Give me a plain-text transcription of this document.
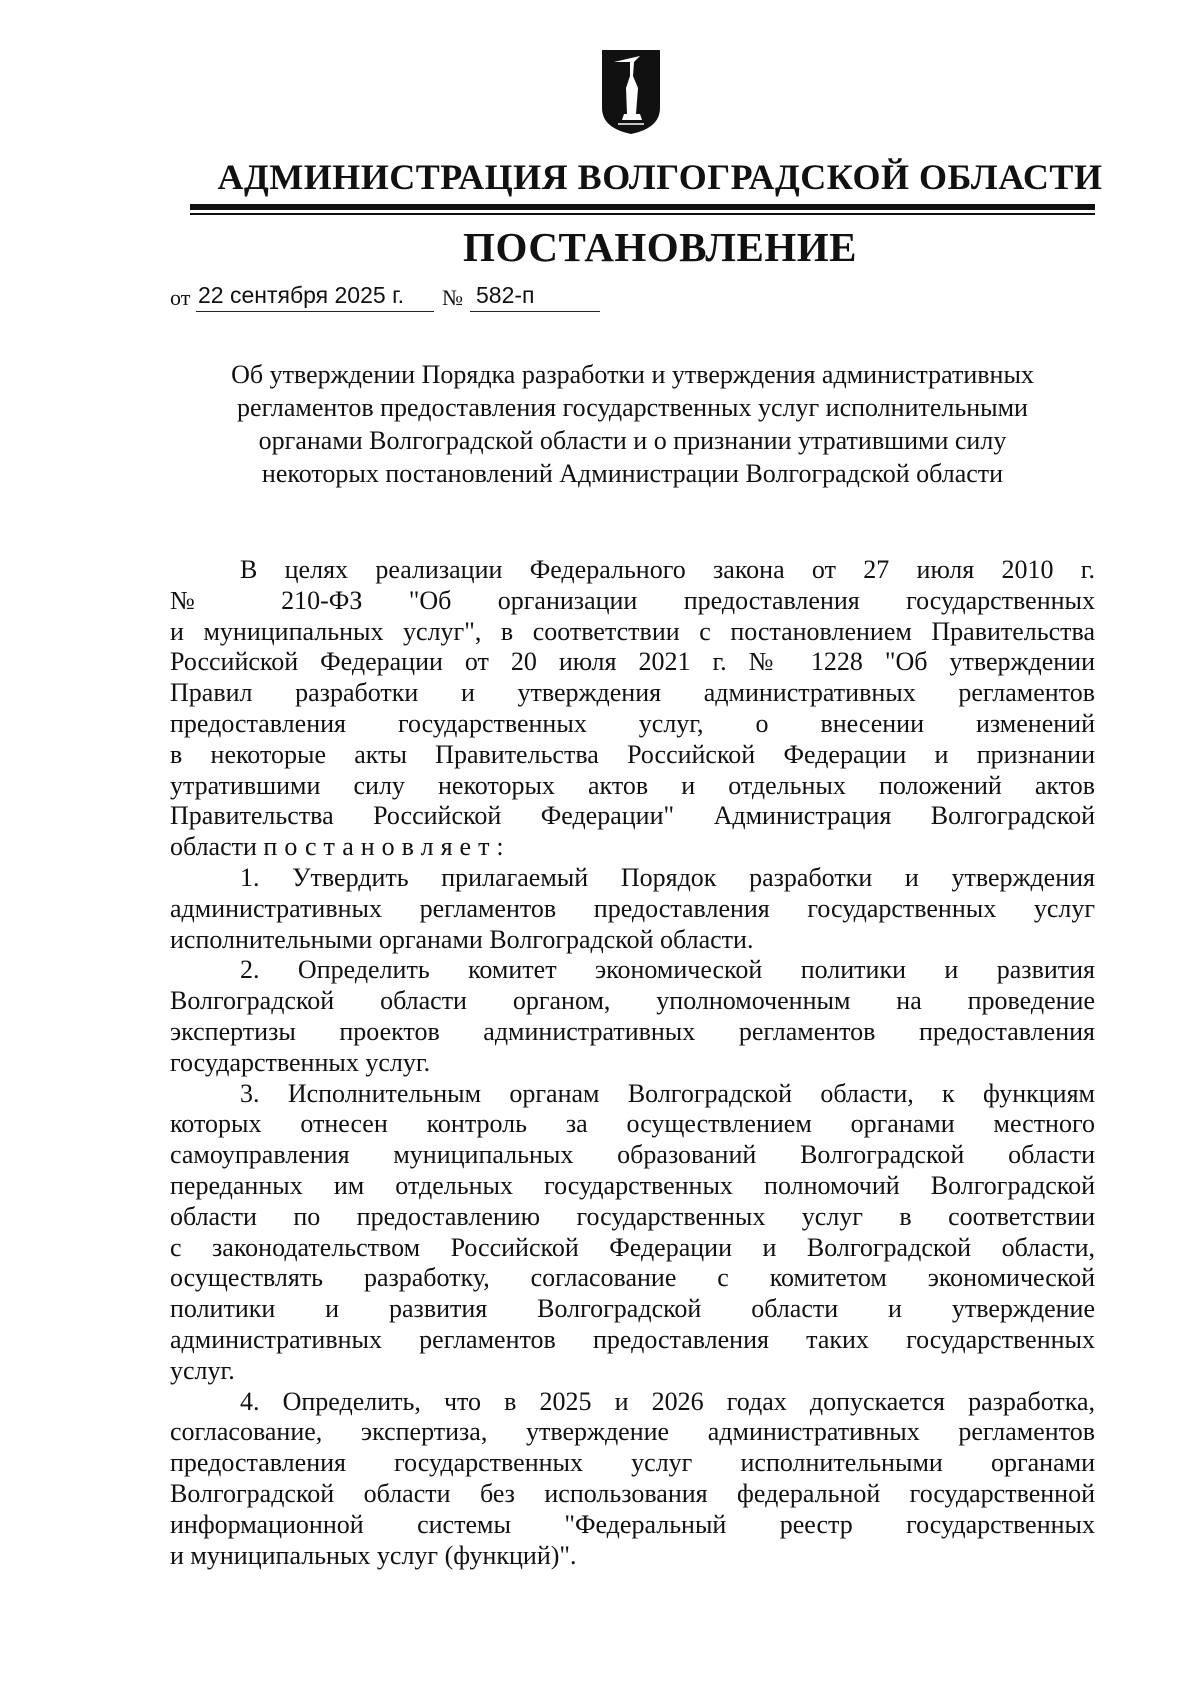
АДМИНИСТРАЦИЯ ВОЛГОГРАДСКОЙ ОБЛАСТИ
ПОСТАНОВЛЕНИЕ
от 22 сентября 2025 г. № 582-п
Об утверждении Порядка разработки и утверждения административных
регламентов предоставления государственных услуг исполнительными
органами Волгоградской области и о признании утратившими силу
некоторых постановлений Администрации Волгоградской области
В целях реализации Федерального закона от 27 июля 2010 г.
№ 210-ФЗ "Об организации предоставления государственных
и муниципальных услуг", в соответствии с постановлением Правительства
Российской Федерации от 20 июля 2021 г. № 1228 "Об утверждении
Правил разработки и утверждения административных регламентов
предоставления государственных услуг, о внесении изменений
в некоторые акты Правительства Российской Федерации и признании
утратившими силу некоторых актов и отдельных положений актов
Правительства Российской Федерации" Администрация Волгоградской
области постановляет:
1. Утвердить прилагаемый Порядок разработки и утверждения
административных регламентов предоставления государственных услуг
исполнительными органами Волгоградской области.
2. Определить комитет экономической политики и развития
Волгоградской области органом, уполномоченным на проведение
экспертизы проектов административных регламентов предоставления
государственных услуг.
3. Исполнительным органам Волгоградской области, к функциям
которых отнесен контроль за осуществлением органами местного
самоуправления муниципальных образований Волгоградской области
переданных им отдельных государственных полномочий Волгоградской
области по предоставлению государственных услуг в соответствии
с законодательством Российской Федерации и Волгоградской области,
осуществлять разработку, согласование с комитетом экономической
политики и развития Волгоградской области и утверждение
административных регламентов предоставления таких государственных
услуг.
4. Определить, что в 2025 и 2026 годах допускается разработка,
согласование, экспертиза, утверждение административных регламентов
предоставления государственных услуг исполнительными органами
Волгоградской области без использования федеральной государственной
информационной системы "Федеральный реестр государственных
и муниципальных услуг (функций)".
